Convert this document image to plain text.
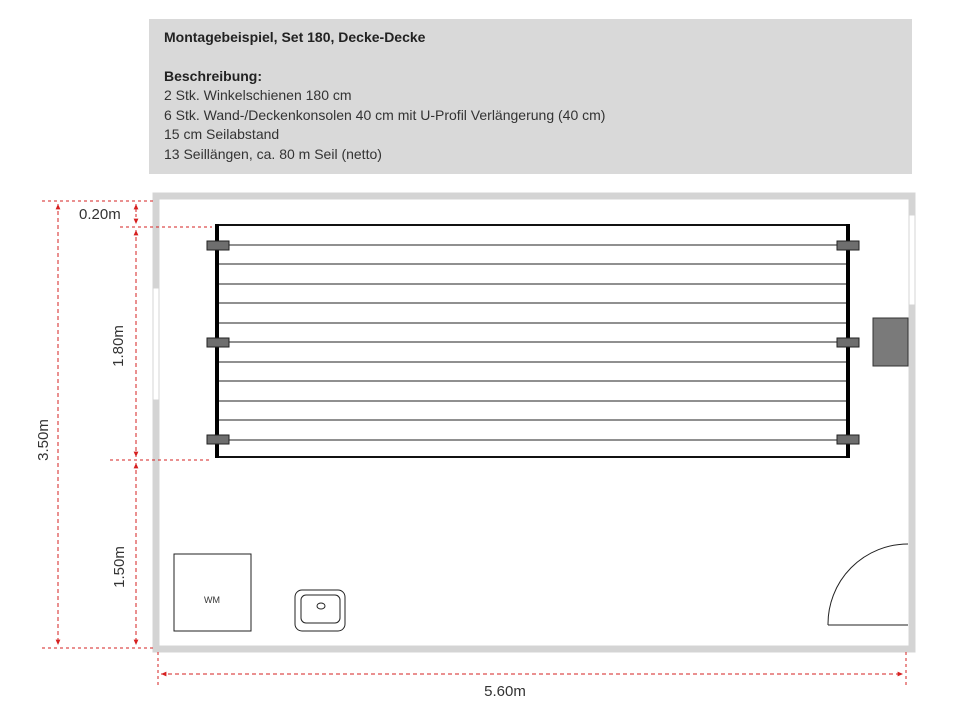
Montagebeispiel, Set 180, Decke-Decke
Beschreibung:
2 Stk. Winkelschienen 180 cm
6 Stk. Wand-/Deckenkonsolen 40 cm mit U-Profil Verlängerung (40 cm)
15 cm Seilabstand
13 Seillängen, ca. 80 m Seil (netto)
WM
0.20m
1.80m
3.50m
1.50m
5.60m
